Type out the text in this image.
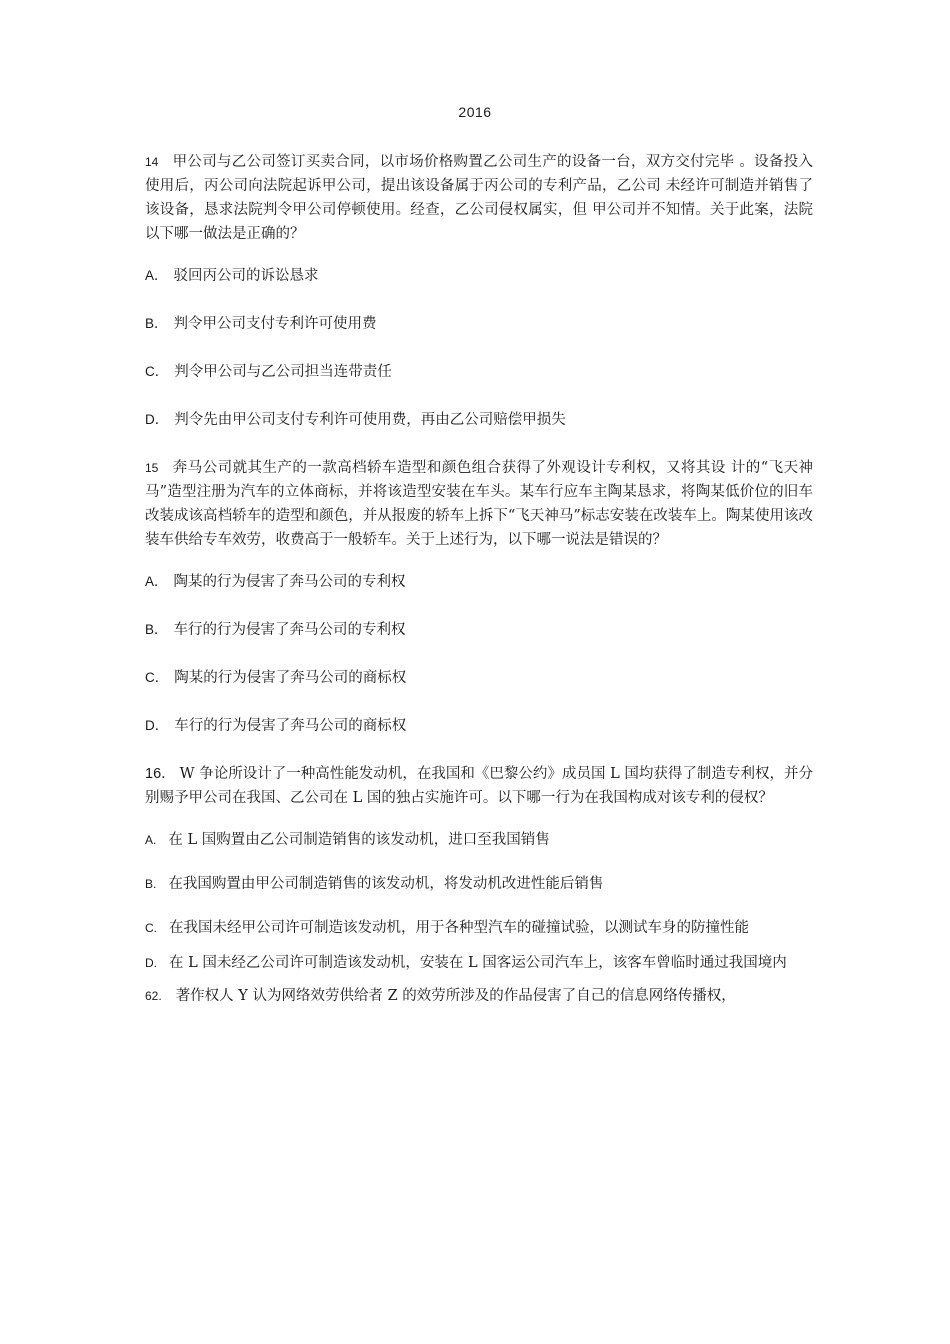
2016

14 甲公司与乙公司签订买卖合同，以市场价格购置乙公司生产的设备一台，双方交付完毕 。设备投入使用后，丙公司向法院起诉甲公司，提出该设备属于丙公司的专利产品，乙公司 未经许可制造并销售了该设备，恳求法院判令甲公司停顿使用。经查，乙公司侵权属实，但 甲公司并不知情。关于此案，法院以下哪一做法是正确的？

A． 驳回丙公司的诉讼恳求
B． 判令甲公司支付专利许可使用费
C． 判令甲公司与乙公司担当连带责任
D． 判令先由甲公司支付专利许可使用费，再由乙公司赔偿甲损失

15 奔马公司就其生产的一款高档轿车造型和颜色组合获得了外观设计专利权，又将其设 计的“飞天神马”造型注册为汽车的立体商标，并将该造型安装在车头。某车行应车主陶某恳求，将陶某低价位的旧车改装成该高档轿车的造型和颜色，并从报废的轿车上拆下“飞天神马”标志安装在改装车上。陶某使用该改装车供给专车效劳，收费高于一般轿车。关于上述行为，以下哪一说法是错误的？

A． 陶某的行为侵害了奔马公司的专利权
B． 车行的行为侵害了奔马公司的专利权
C． 陶某的行为侵害了奔马公司的商标权
D． 车行的行为侵害了奔马公司的商标权

16． W 争论所设计了一种高性能发动机，在我国和《巴黎公约》成员国 L 国均获得了制造专利权，并分别赐予甲公司在我国、乙公司在 L 国的独占实施许可。以下哪一行为在我国构成对该专利的侵权？

A. 在 L 国购置由乙公司制造销售的该发动机，进口至我国销售
B. 在我国购置由甲公司制造销售的该发动机，将发动机改进性能后销售
C. 在我国未经甲公司许可制造该发动机，用于各种型汽车的碰撞试验，以测试车身的防撞性能
D. 在 L 国未经乙公司许可制造该发动机，安装在 L 国客运公司汽车上，该客车曾临时通过我国境内

62. 著作权人 Y 认为网络效劳供给者 Z 的效劳所涉及的作品侵害了自己的信息网络传播权，
